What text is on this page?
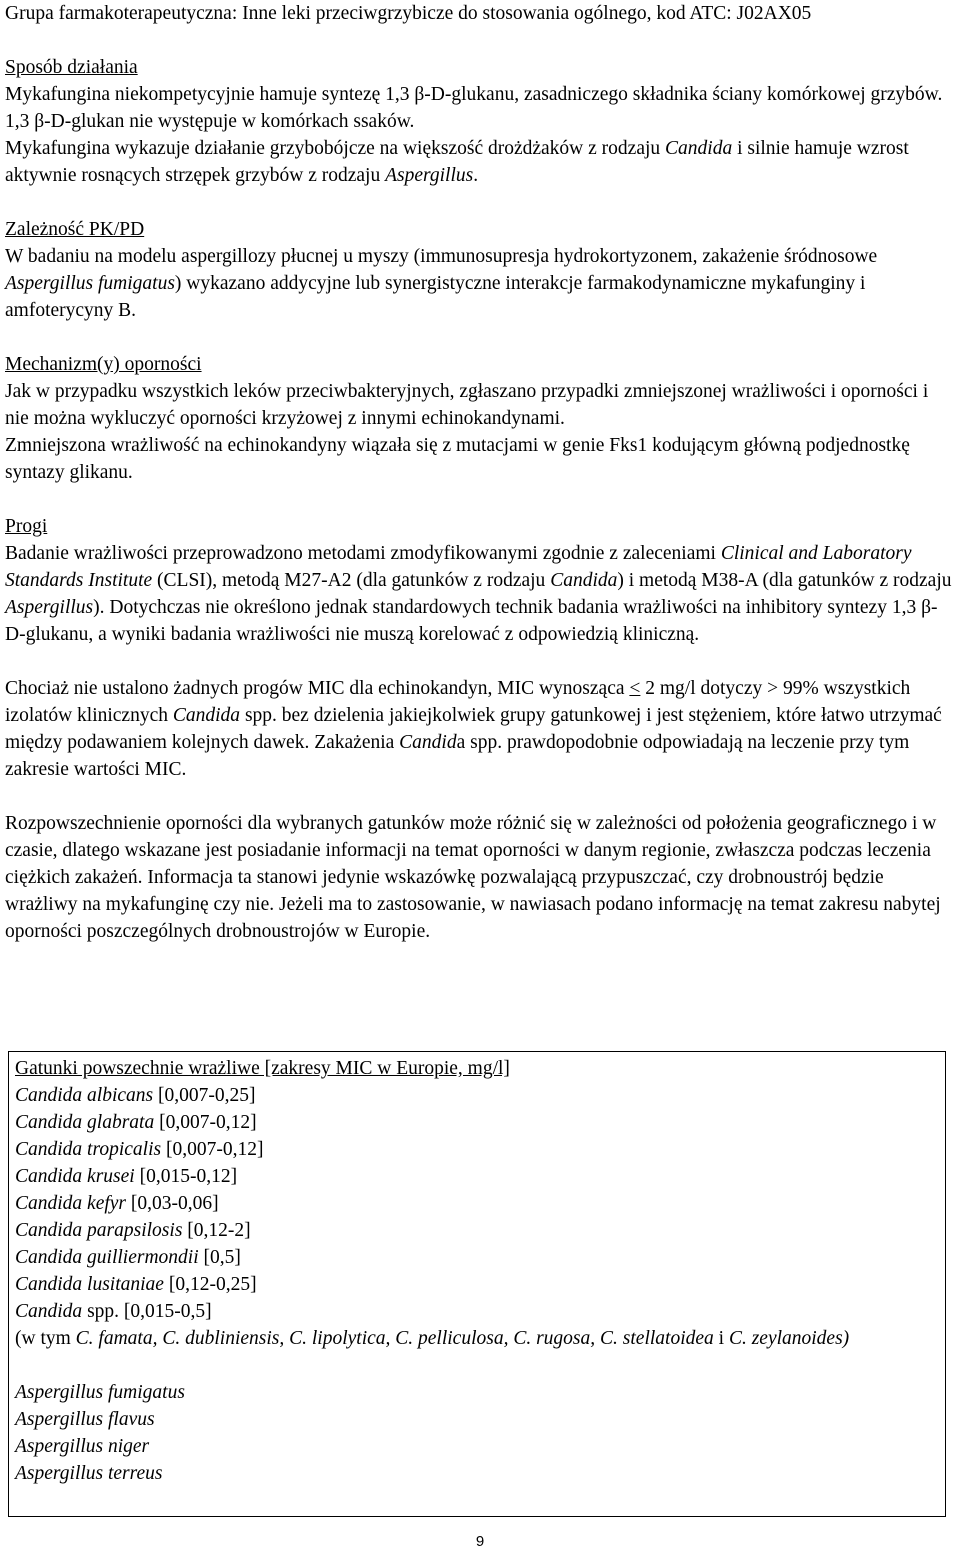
Grupa farmakoterapeutyczna: Inne leki przeciwgrzybicze do stosowania ogólnego, kod ATC: J02AX05

Sposób działania

Mykafungina niekompetycyjnie hamuje syntezę 1,3 β-D-glukanu, zasadniczego składnika ściany komórkowej grzybów. 1,3 β-D-glukan nie występuje w komórkach ssaków.

Mykafungina wykazuje działanie grzybobójcze na większość drożdżaków z rodzaju Candida i silnie hamuje wzrost aktywnie rosnących strzępek grzybów z rodzaju Aspergillus.

Zależność PK/PD

W badaniu na modelu aspergillozy płucnej u myszy (immunosupresja hydrokortyzonem, zakażenie śródnosowe Aspergillus fumigatus) wykazano addycyjne lub synergistyczne interakcje farmakodynamiczne mykafunginy i amfoterycyny B.

Mechanizm(y) oporności

Jak w przypadku wszystkich leków przeciwbakteryjnych, zgłaszano przypadki zmniejszonej wrażliwości i oporności i nie można wykluczyć oporności krzyżowej z innymi echinokandynami.

Zmniejszona wrażliwość na echinokandyny wiązała się z mutacjami w genie Fks1 kodującym główną podjednostkę syntazy glikanu.

Progi

Badanie wrażliwości przeprowadzono metodami zmodyfikowanymi zgodnie z zaleceniami Clinical and Laboratory Standards Institute (CLSI), metodą M27-A2 (dla gatunków z rodzaju Candida) i metodą M38-A (dla gatunków z rodzaju Aspergillus). Dotychczas nie określono jednak standardowych technik badania wrażliwości na inhibitory syntezy 1,3 β-D-glukanu, a wyniki badania wrażliwości nie muszą korelować z odpowiedzią kliniczną.

Chociaż nie ustalono żadnych progów MIC dla echinokandyn, MIC wynosząca < 2 mg/l dotyczy > 99% wszystkich izolatów klinicznych Candida spp. bez dzielenia jakiejkolwiek grupy gatunkowej i jest stężeniem, które łatwo utrzymać między podawaniem kolejnych dawek. Zakażenia Candida spp. prawdopodobnie odpowiadają na leczenie przy tym zakresie wartości MIC.

Rozpowszechnienie oporności dla wybranych gatunków może różnić się w zależności od położenia geograficznego i w czasie, dlatego wskazane jest posiadanie informacji na temat oporności w danym regionie, zwłaszcza podczas leczenia ciężkich zakażeń. Informacja ta stanowi jedynie wskazówkę pozwalającą przypuszczać, czy drobnoustrój będzie wrażliwy na mykafunginę czy nie. Jeżeli ma to zastosowanie, w nawiasach podano informację na temat zakresu nabytej oporności poszczególnych drobnoustrojów w Europie.

Gatunki powszechnie wrażliwe [zakresy MIC w Europie, mg/l]

Candida albicans [0,007-0,25]

Candida glabrata [0,007-0,12]

Candida tropicalis [0,007-0,12]

Candida krusei [0,015-0,12]

Candida kefyr [0,03-0,06]

Candida parapsilosis [0,12-2]

Candida guilliermondii [0,5]

Candida lusitaniae [0,12-0,25]

Candida spp. [0,015-0,5]

(w tym C. famata, C. dubliniensis, C. lipolytica, C. pelliculosa, C. rugosa, C. stellatoidea i C. zeylanoides)

Aspergillus fumigatus

Aspergillus flavus

Aspergillus niger

Aspergillus terreus

9
